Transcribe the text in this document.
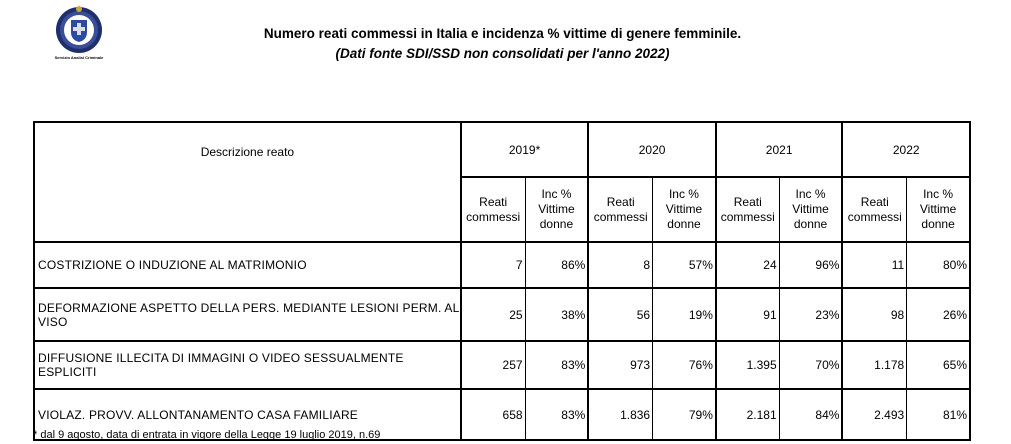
Servizio Analisi Criminale
Numero reati commessi in Italia e incidenza % vittime di genere femminile.
(Dati fonte SDI/SSD non consolidati per l'anno 2022)
Descrizione reato	2019*		2020		2021		2022	
	Reati commessi	Inc % Vittime donne	Reati commessi	Inc % Vittime donne	Reati commessi	Inc % Vittime donne	Reati commessi	Inc % Vittime donne
COSTRIZIONE O INDUZIONE AL MATRIMONIO	7	86%	8	57%	24	96%	11	80%
DEFORMAZIONE ASPETTO DELLA PERS. MEDIANTE LESIONI PERM. AL VISO	25	38%	56	19%	91	23%	98	26%
DIFFUSIONE ILLECITA DI IMMAGINI O VIDEO SESSUALMENTE ESPLICITI	257	83%	973	76%	1.395	70%	1.178	65%
VIOLAZ. PROVV. ALLONTANAMENTO CASA FAMILIARE	658	83%	1.836	79%	2.181	84%	2.493	81%
* dal 9 agosto, data di entrata in vigore della Legge 19 luglio 2019, n.69
